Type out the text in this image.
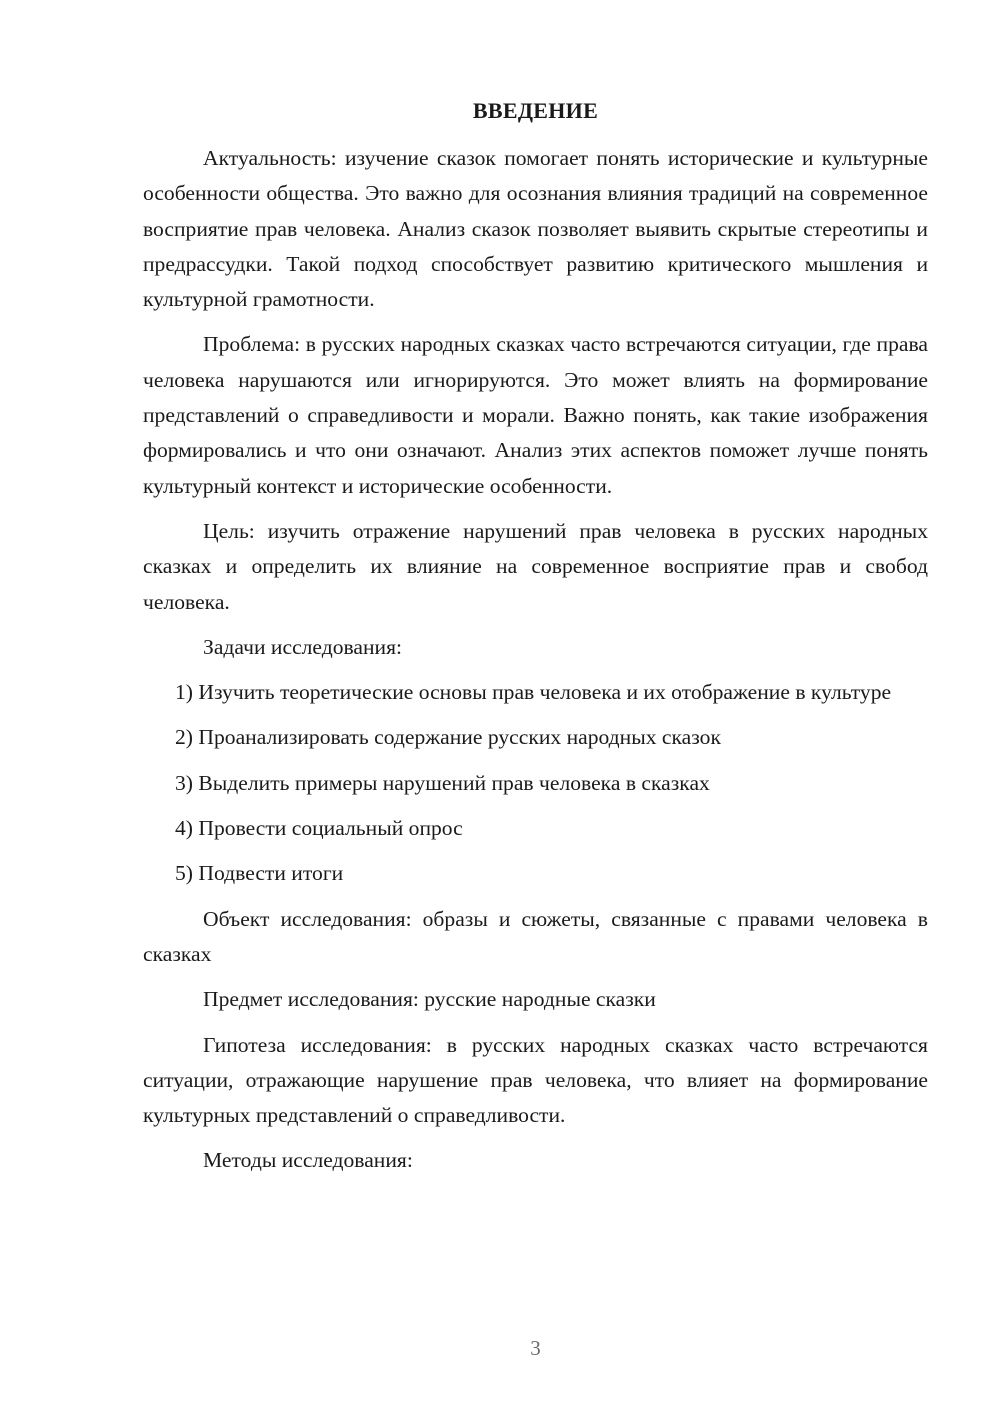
ВВЕДЕНИЕ

Актуальность: изучение сказок помогает понять исторические и культурные особенности общества. Это важно для осознания влияния традиций на современное восприятие прав человека. Анализ сказок позволяет выявить скрытые стереотипы и предрассудки. Такой подход способствует развитию критического мышления и культурной грамотности.

Проблема: в русских народных сказках часто встречаются ситуации, где права человека нарушаются или игнорируются. Это может влиять на формирование представлений о справедливости и морали. Важно понять, как такие изображения формировались и что они означают. Анализ этих аспектов поможет лучше понять культурный контекст и исторические особенности.

Цель: изучить отражение нарушений прав человека в русских народных сказках и определить их влияние на современное восприятие прав и свобод человека.

Задачи исследования:

1) Изучить теоретические основы прав человека и их отображение в культуре

2) Проанализировать содержание русских народных сказок

3) Выделить примеры нарушений прав человека в сказках

4) Провести социальный опрос

5) Подвести итоги

Объект исследования: образы и сюжеты, связанные с правами человека в сказках

Предмет исследования: русские народные сказки

Гипотеза исследования: в русских народных сказках часто встречаются ситуации, отражающие нарушение прав человека, что влияет на формирование культурных представлений о справедливости.

Методы исследования:

3
